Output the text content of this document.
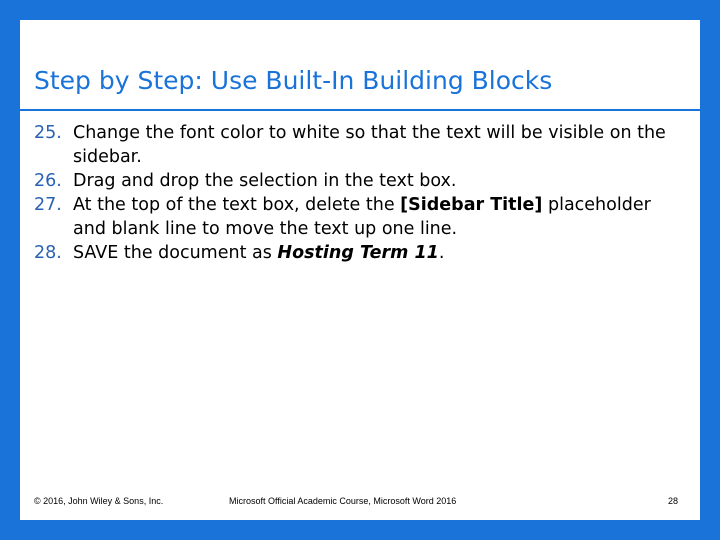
Step by Step: Use Built-In Building Blocks
25. Change the font color to white so that the text will be visible on the sidebar.
26. Drag and drop the selection in the text box.
27. At the top of the text box, delete the [Sidebar Title] placeholder and blank line to move the text up one line.
28. SAVE the document as Hosting Term 11.
© 2016, John Wiley & Sons, Inc.	Microsoft Official Academic Course, Microsoft Word 2016	28
